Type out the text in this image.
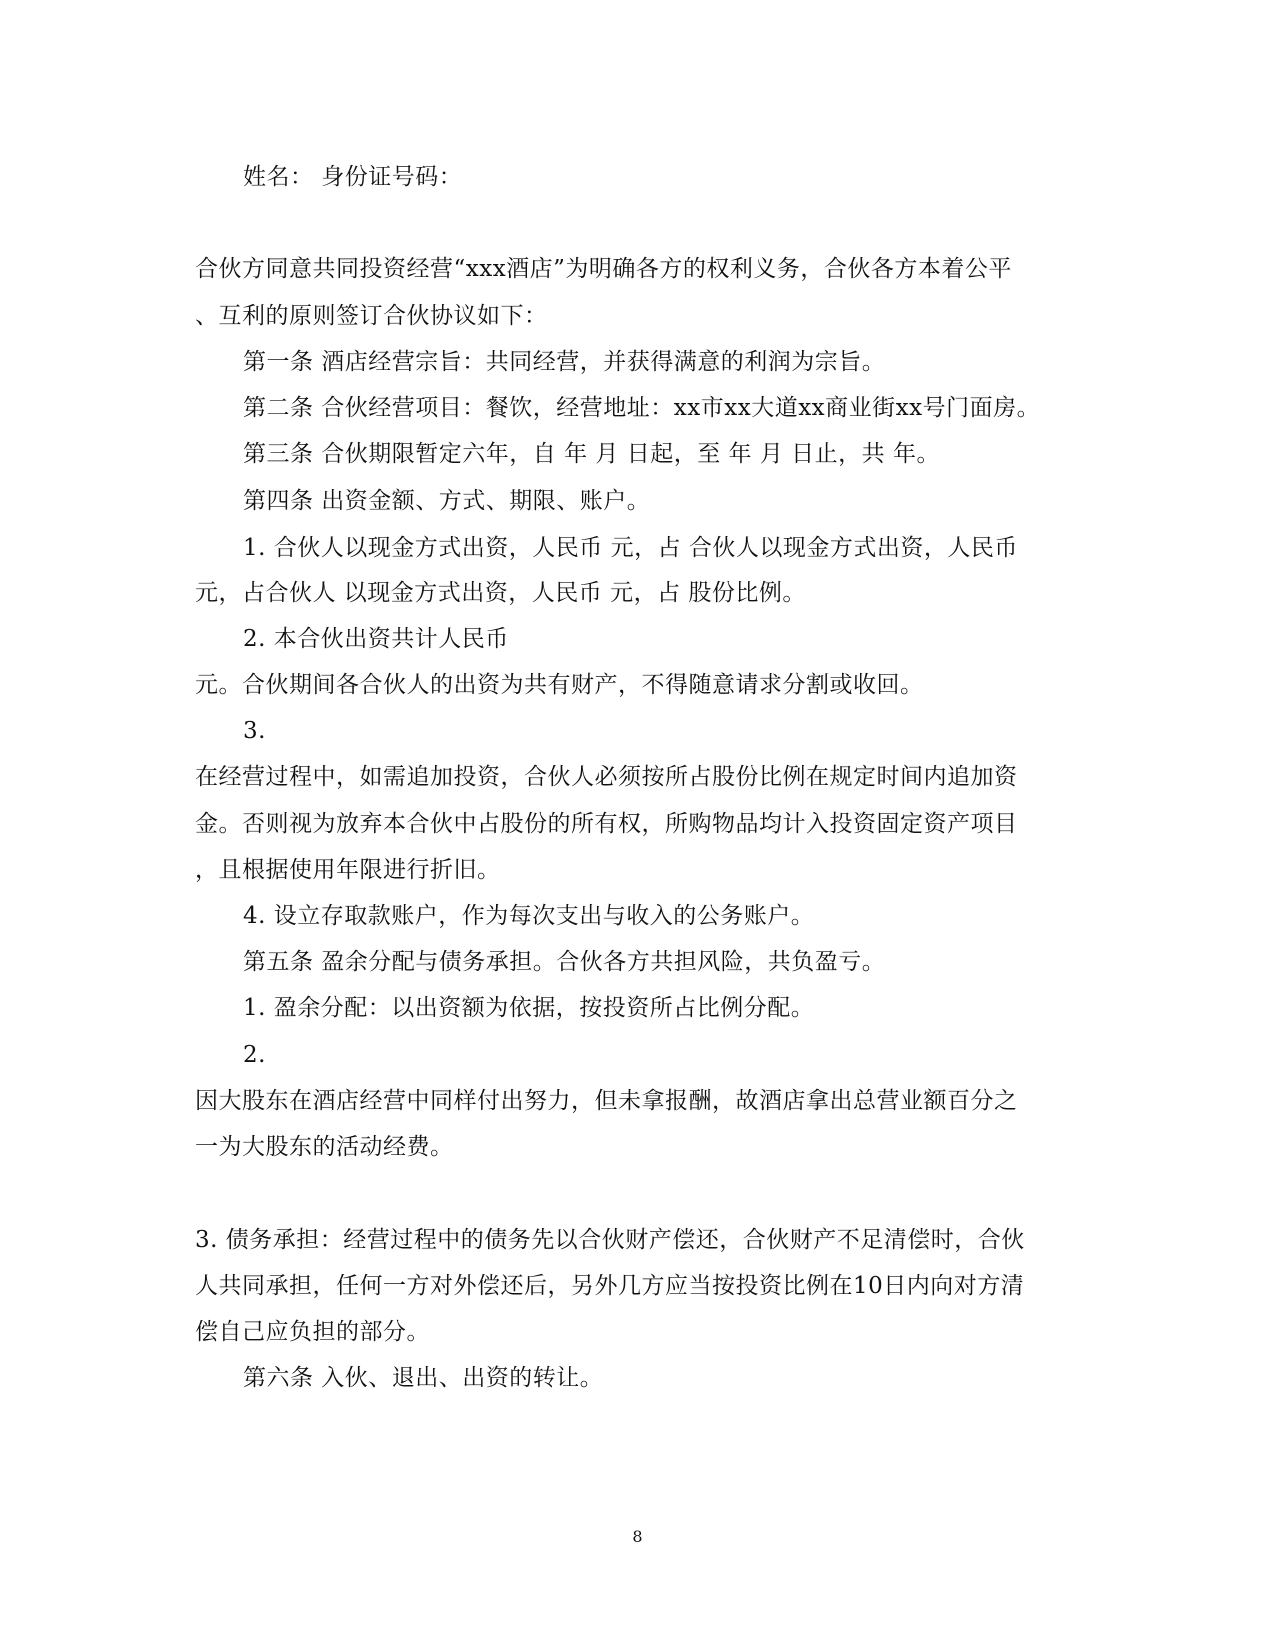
姓名： 身份证号码：
合伙方同意共同投资经营“xxx酒店”为明确各方的权利义务，合伙各方本着公平
、互利的原则签订合伙协议如下：
第一条 酒店经营宗旨：共同经营，并获得满意的利润为宗旨。
第二条 合伙经营项目：餐饮，经营地址：xx市xx大道xx商业街xx号门面房。
第三条 合伙期限暂定六年，自 年 月 日起，至 年 月 日止，共 年。
第四条 出资金额、方式、期限、账户。
1. 合伙人以现金方式出资，人民币 元，占 合伙人以现金方式出资，人民币
元，占合伙人 以现金方式出资，人民币 元，占 股份比例。
2. 本合伙出资共计人民币
元。合伙期间各合伙人的出资为共有财产，不得随意请求分割或收回。
3.
在经营过程中，如需追加投资，合伙人必须按所占股份比例在规定时间内追加资
金。否则视为放弃本合伙中占股份的所有权，所购物品均计入投资固定资产项目
，且根据使用年限进行折旧。
4. 设立存取款账户，作为每次支出与收入的公务账户。
第五条 盈余分配与债务承担。合伙各方共担风险，共负盈亏。
1. 盈余分配：以出资额为依据，按投资所占比例分配。
2.
因大股东在酒店经营中同样付出努力，但未拿报酬，故酒店拿出总营业额百分之
一为大股东的活动经费。
3. 债务承担：经营过程中的债务先以合伙财产偿还，合伙财产不足清偿时，合伙
人共同承担，任何一方对外偿还后，另外几方应当按投资比例在10日内向对方清
偿自己应负担的部分。
第六条 入伙、退出、出资的转让。
8
